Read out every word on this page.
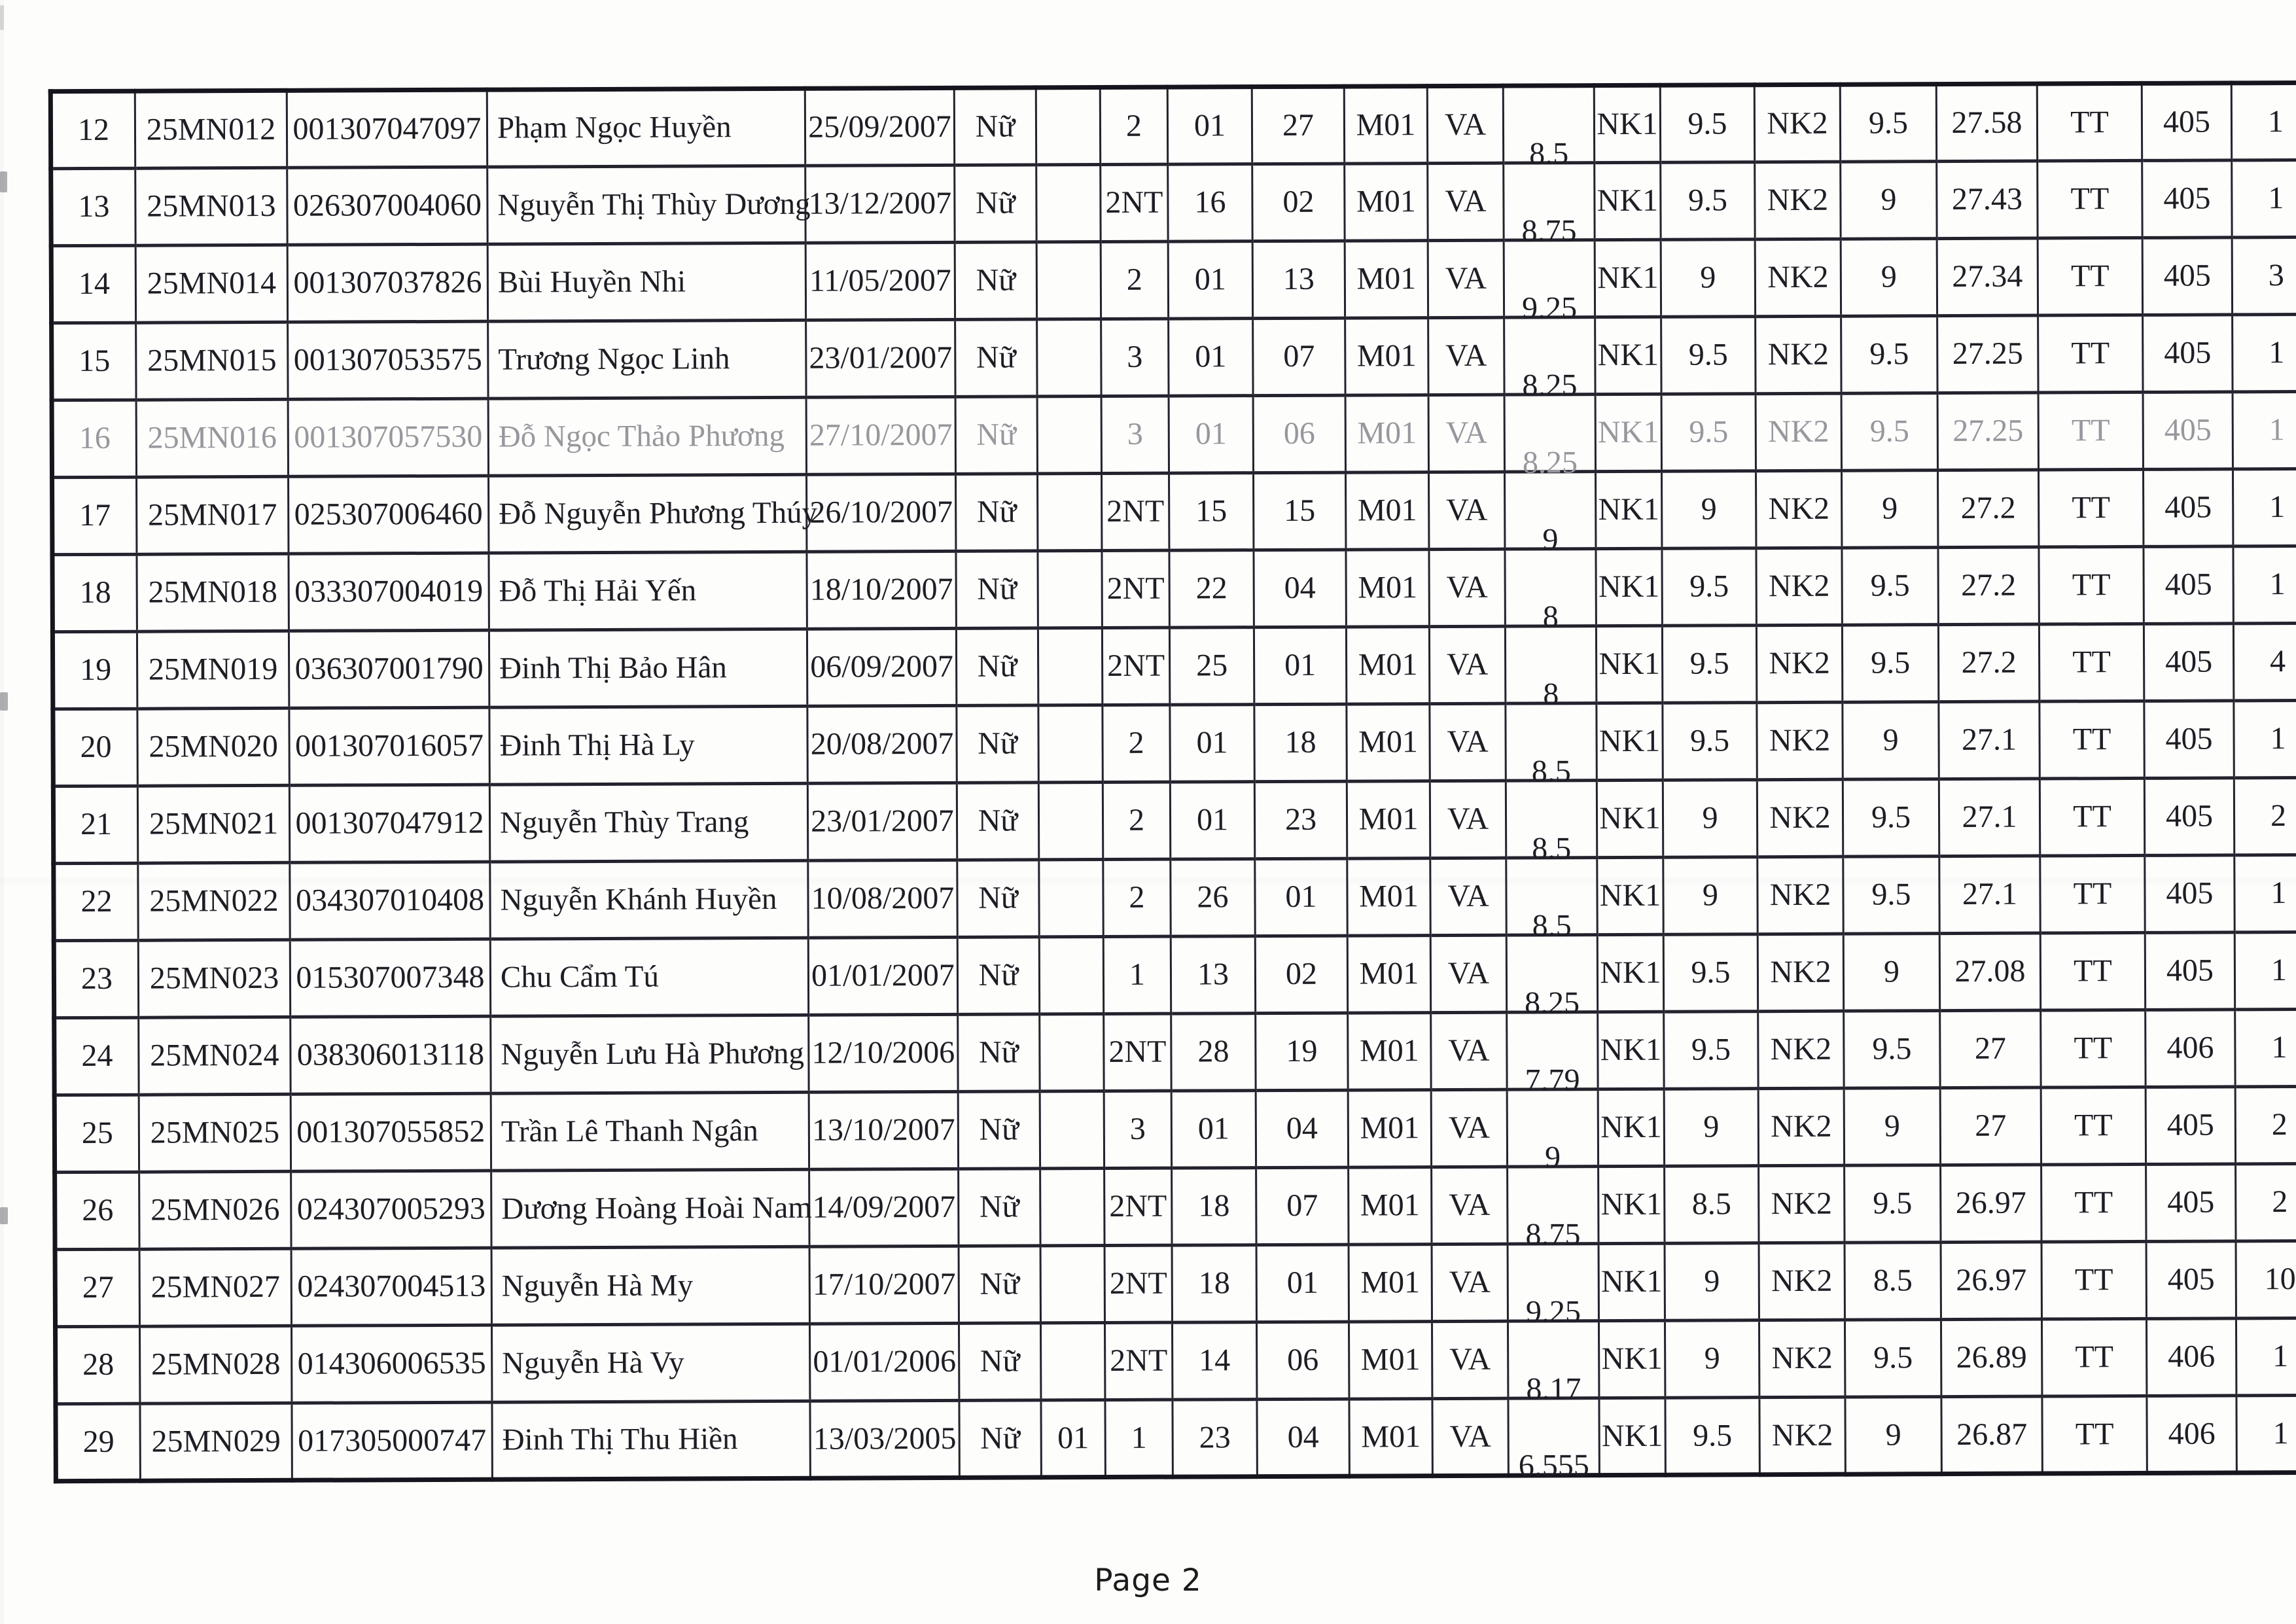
12	25MN012	001307047097	Phạm Ngọc Huyền	25/09/2007	Nữ		2	01	27	M01	VA	8.5	NK1	9.5	NK2	9.5	27.58	TT	405	1
13	25MN013	026307004060	Nguyễn Thị Thùy Dương	13/12/2007	Nữ		2NT	16	02	M01	VA	8.75	NK1	9.5	NK2	9	27.43	TT	405	1
14	25MN014	001307037826	Bùi Huyền Nhi	11/05/2007	Nữ		2	01	13	M01	VA	9.25	NK1	9	NK2	9	27.34	TT	405	3
15	25MN015	001307053575	Trương Ngọc Linh	23/01/2007	Nữ		3	01	07	M01	VA	8.25	NK1	9.5	NK2	9.5	27.25	TT	405	1
16	25MN016	001307057530	Đỗ Ngọc Thảo Phương	27/10/2007	Nữ		3	01	06	M01	VA	8.25	NK1	9.5	NK2	9.5	27.25	TT	405	1
17	25MN017	025307006460	Đỗ Nguyễn Phương Thúy	26/10/2007	Nữ		2NT	15	15	M01	VA	9	NK1	9	NK2	9	27.2	TT	405	1
18	25MN018	033307004019	Đỗ Thị Hải Yến	18/10/2007	Nữ		2NT	22	04	M01	VA	8	NK1	9.5	NK2	9.5	27.2	TT	405	1
19	25MN019	036307001790	Đinh Thị Bảo Hân	06/09/2007	Nữ		2NT	25	01	M01	VA	8	NK1	9.5	NK2	9.5	27.2	TT	405	4
20	25MN020	001307016057	Đinh Thị Hà Ly	20/08/2007	Nữ		2	01	18	M01	VA	8.5	NK1	9.5	NK2	9	27.1	TT	405	1
21	25MN021	001307047912	Nguyễn Thùy Trang	23/01/2007	Nữ		2	01	23	M01	VA	8.5	NK1	9	NK2	9.5	27.1	TT	405	2
22	25MN022	034307010408	Nguyễn Khánh Huyền	10/08/2007	Nữ		2	26	01	M01	VA	8.5	NK1	9	NK2	9.5	27.1	TT	405	1
23	25MN023	015307007348	Chu Cẩm Tú	01/01/2007	Nữ		1	13	02	M01	VA	8.25	NK1	9.5	NK2	9	27.08	TT	405	1
24	25MN024	038306013118	Nguyễn Lưu Hà Phương	12/10/2006	Nữ		2NT	28	19	M01	VA	7.79	NK1	9.5	NK2	9.5	27	TT	406	1
25	25MN025	001307055852	Trần Lê Thanh Ngân	13/10/2007	Nữ		3	01	04	M01	VA	9	NK1	9	NK2	9	27	TT	405	2
26	25MN026	024307005293	Dương Hoàng Hoài Nam	14/09/2007	Nữ		2NT	18	07	M01	VA	8.75	NK1	8.5	NK2	9.5	26.97	TT	405	2
27	25MN027	024307004513	Nguyễn Hà My	17/10/2007	Nữ		2NT	18	01	M01	VA	9.25	NK1	9	NK2	8.5	26.97	TT	405	10
28	25MN028	014306006535	Nguyễn Hà Vy	01/01/2006	Nữ		2NT	14	06	M01	VA	8.17	NK1	9	NK2	9.5	26.89	TT	406	1
29	25MN029	017305000747	Đinh Thị Thu Hiền	13/03/2005	Nữ	01	1	23	04	M01	VA	6.555	NK1	9.5	NK2	9	26.87	TT	406	1
Page 2
